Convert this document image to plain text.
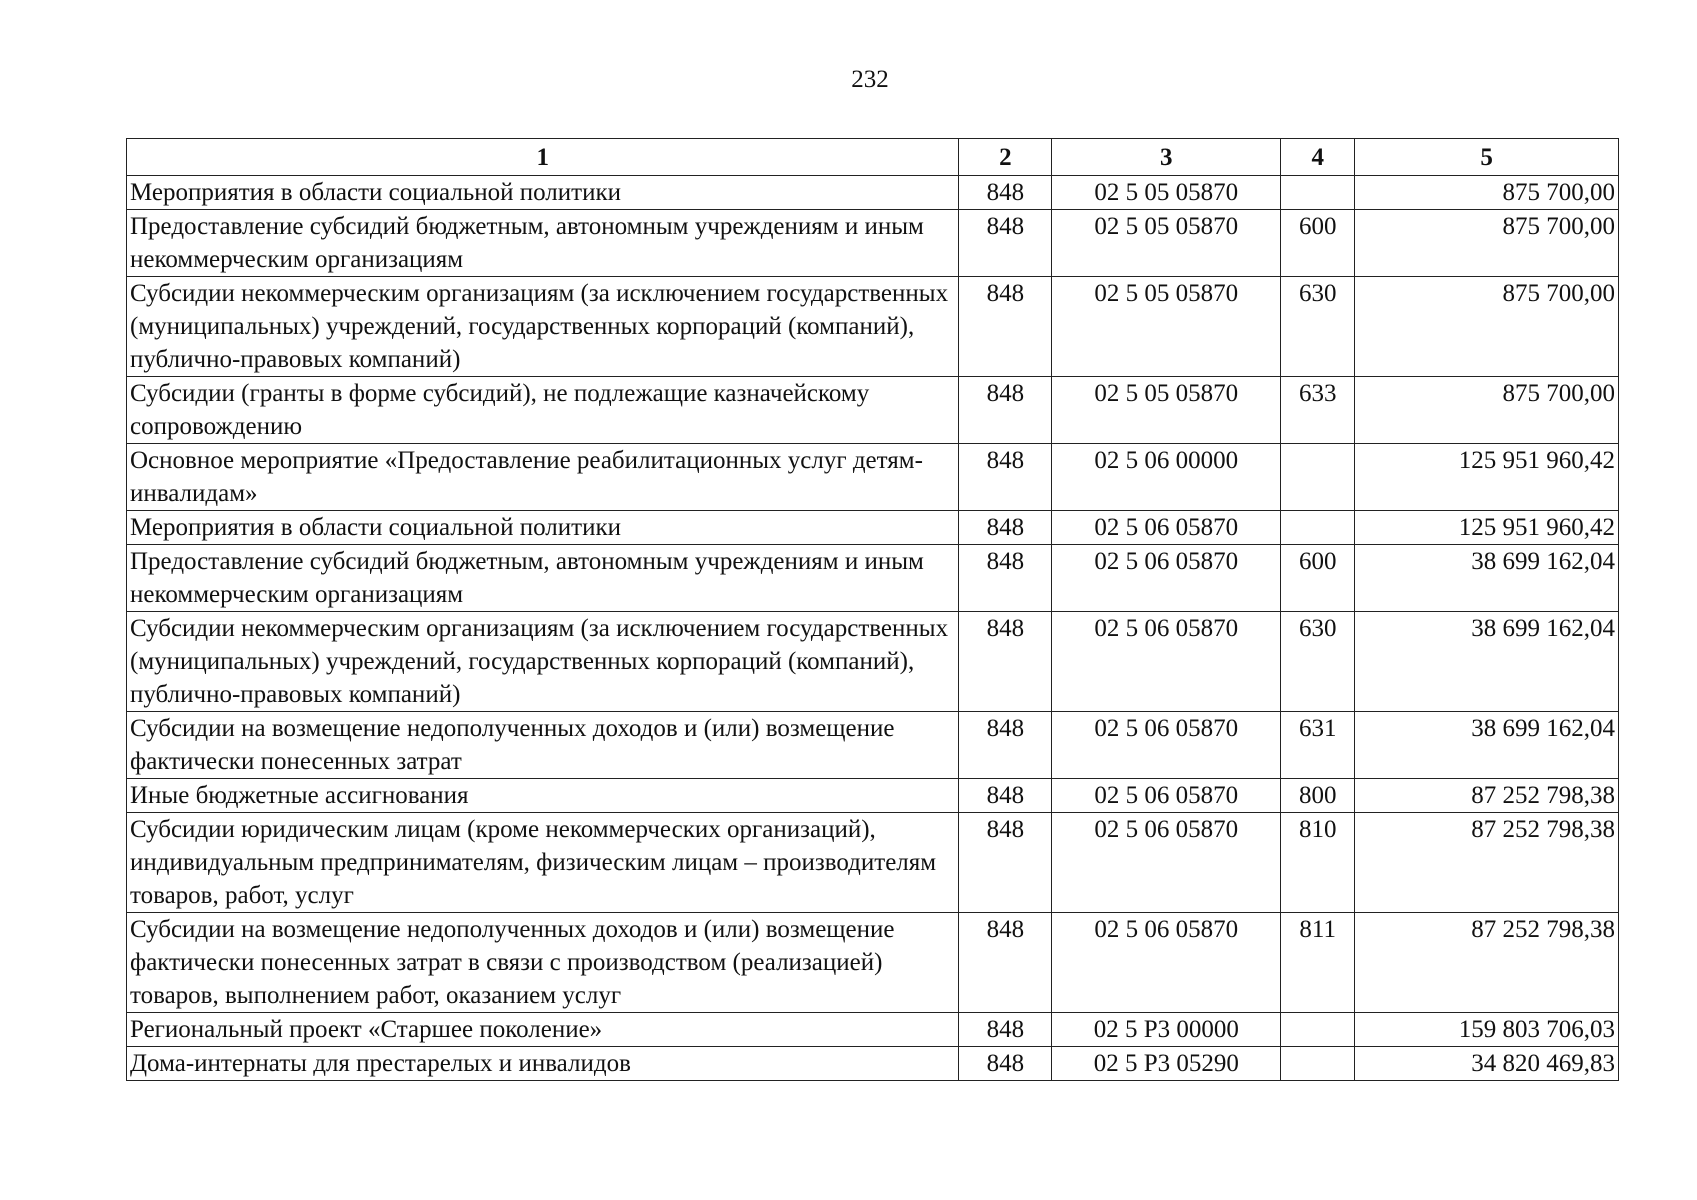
232
1	2	3	4	5
Мероприятия в области социальной политики	848	02 5 05 05870		875 700,00
Предоставление субсидий бюджетным, автономным учреждениям и иным некоммерческим организациям	848	02 5 05 05870	600	875 700,00
Субсидии некоммерческим организациям (за исключением государственных (муниципальных) учреждений, государственных корпораций (компаний), публично-правовых компаний)	848	02 5 05 05870	630	875 700,00
Субсидии (гранты в форме субсидий), не подлежащие казначейскому сопровождению	848	02 5 05 05870	633	875 700,00
Основное мероприятие «Предоставление реабилитационных услуг детям-инвалидам»	848	02 5 06 00000		125 951 960,42
Мероприятия в области социальной политики	848	02 5 06 05870		125 951 960,42
Предоставление субсидий бюджетным, автономным учреждениям и иным некоммерческим организациям	848	02 5 06 05870	600	38 699 162,04
Субсидии некоммерческим организациям (за исключением государственных (муниципальных) учреждений, государственных корпораций (компаний), публично-правовых компаний)	848	02 5 06 05870	630	38 699 162,04
Субсидии на возмещение недополученных доходов и (или) возмещение фактически понесенных затрат	848	02 5 06 05870	631	38 699 162,04
Иные бюджетные ассигнования	848	02 5 06 05870	800	87 252 798,38
Субсидии юридическим лицам (кроме некоммерческих организаций), индивидуальным предпринимателям, физическим лицам – производителям товаров, работ, услуг	848	02 5 06 05870	810	87 252 798,38
Субсидии на возмещение недополученных доходов и (или) возмещение фактически понесенных затрат в связи с производством (реализацией) товаров, выполнением работ, оказанием услуг	848	02 5 06 05870	811	87 252 798,38
Региональный проект «Старшее поколение»	848	02 5 P3 00000		159 803 706,03
Дома-интернаты для престарелых и инвалидов	848	02 5 P3 05290		34 820 469,83
